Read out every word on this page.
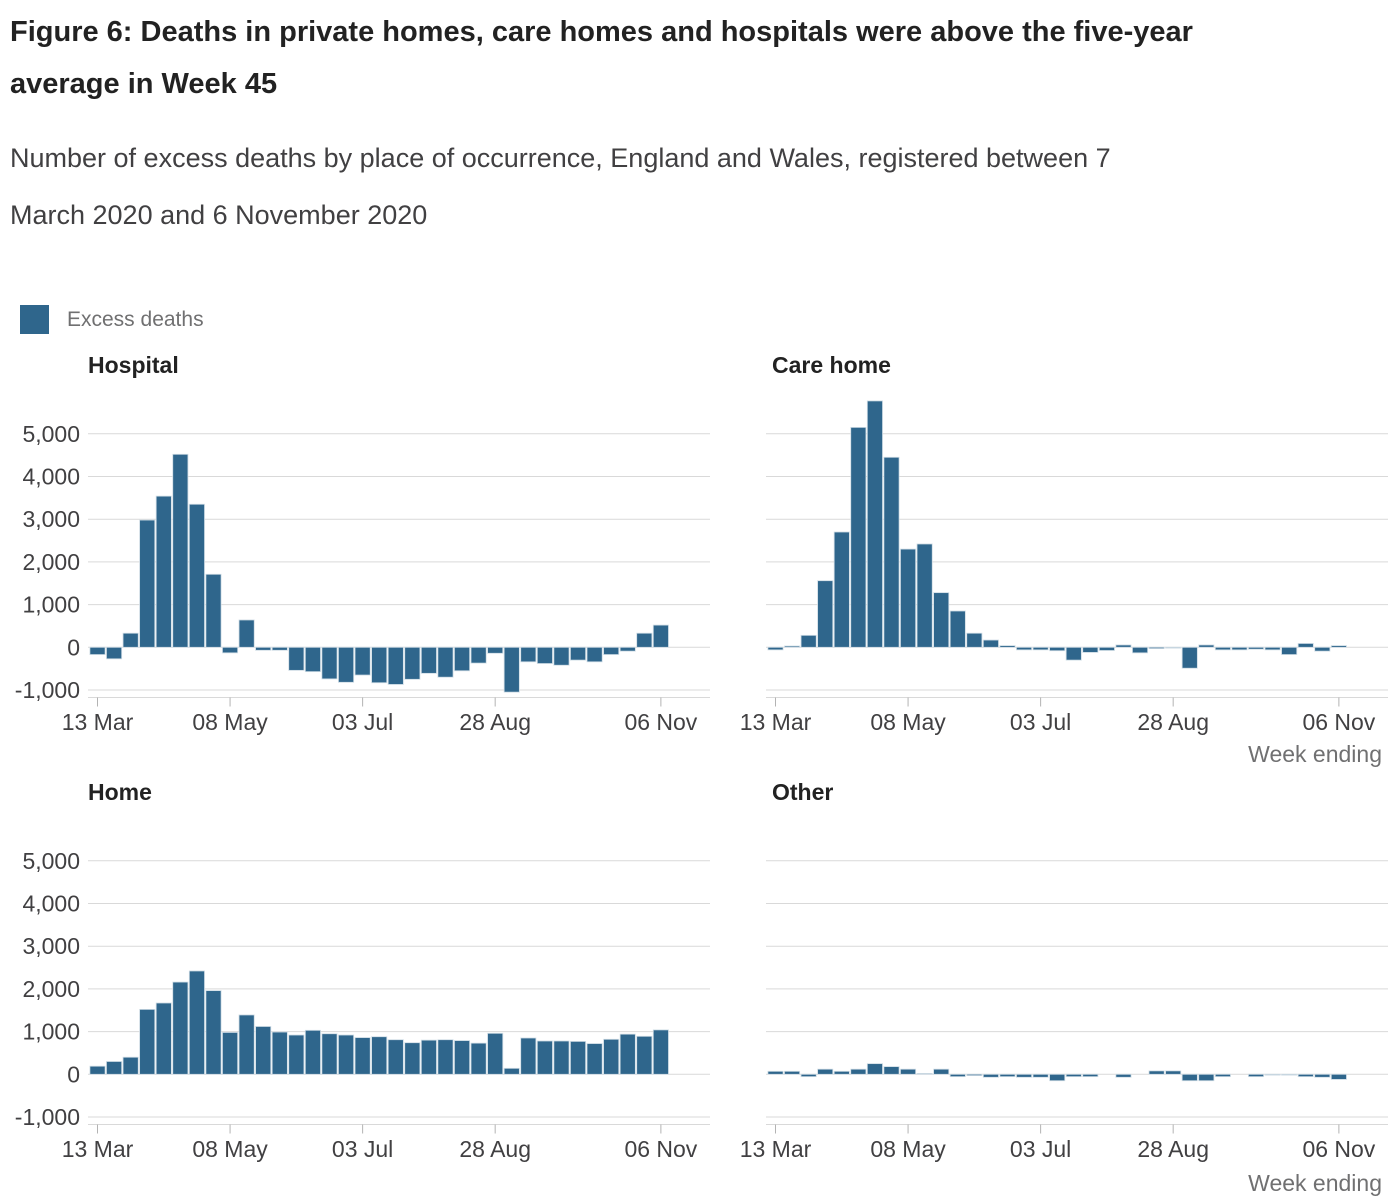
Figure 6: Deaths in private homes, care homes and hospitals were above the five-year
average in Week 45
Number of excess deaths by place of occurrence, England and Wales, registered between 7
March 2020 and 6 November 2020
Excess deaths
Hospital	Care home
Home	Other
5,000
4,000
3,000
2,000
1,000
0
-1,000
13 Mar	08 May	03 Jul	28 Aug	06 Nov 13 Mar	08 May	03 Jul	28 Aug	06 Nov
5,000
4,000
3,000
2,000
1,000
0
-1,000
13 Mar	08 May	03 Jul	28 Aug	06 Nov 13 Mar	08 May	03 Jul	28 Aug	06 Nov
Week ending
Week ending
